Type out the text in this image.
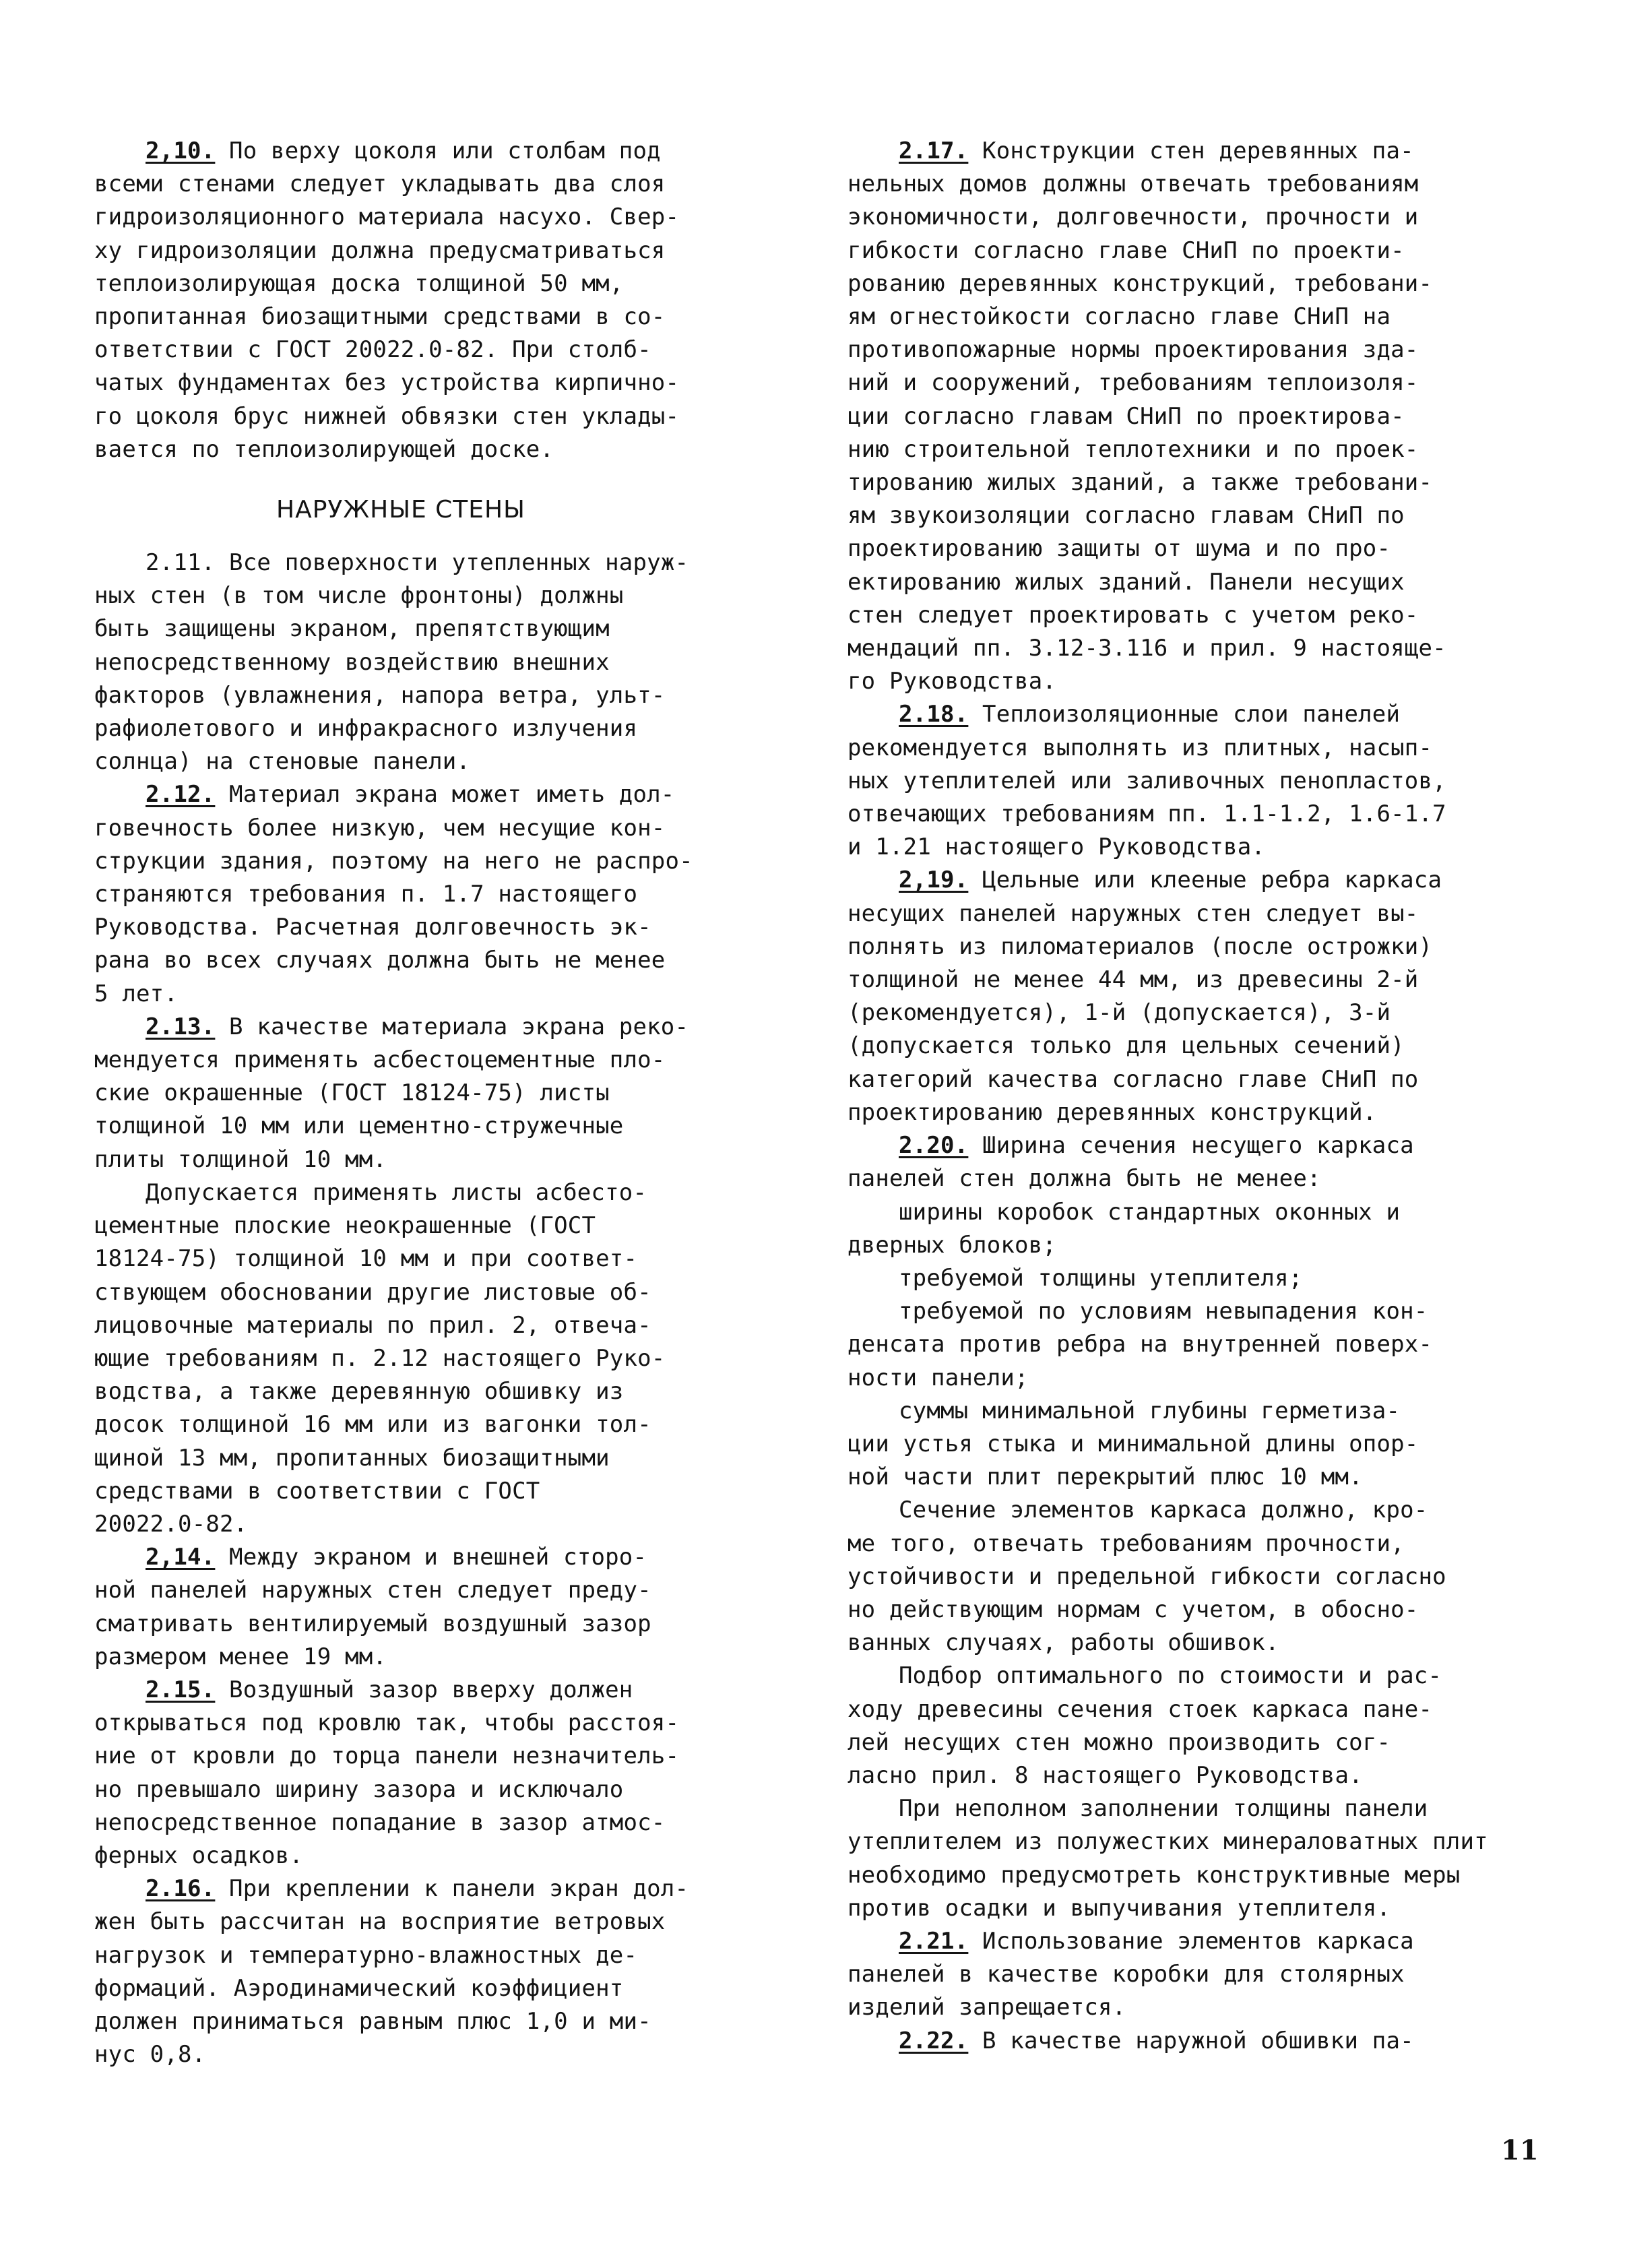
2,10. По верху цоколя или столбам под
всеми стенами следует укладывать два слоя
гидроизоляционного материала насухо. Свер-
ху гидроизоляции должна предусматриваться
теплоизолирующая доска толщиной 50 мм,
пропитанная биозащитными средствами в со-
ответствии с ГОСТ 20022.0-82. При столб-
чатых фундаментах без устройства кирпично-
го цоколя брус нижней обвязки стен уклады-
вается по теплоизолирующей доске.
НАРУЖНЫЕ СТЕНЫ
2.11. Все поверхности утепленных наруж-
ных стен (в том числе фронтоны) должны
быть защищены экраном, препятствующим
непосредственному воздействию внешних
факторов (увлажнения, напора ветра, ульт-
рафиолетового и инфракрасного излучения
солнца) на стеновые панели.
2.12. Материал экрана может иметь дол-
говечность более низкую, чем несущие кон-
струкции здания, поэтому на него не распро-
страняются требования п. 1.7 настоящего
Руководства. Расчетная долговечность эк-
рана во всех случаях должна быть не менее
5 лет.
2.13. В качестве материала экрана реко-
мендуется применять асбестоцементные пло-
ские окрашенные (ГОСТ 18124-75) листы
толщиной 10 мм или цементно-стружечные
плиты толщиной 10 мм.
Допускается применять листы асбесто-
цементные плоские неокрашенные (ГОСТ
18124-75) толщиной 10 мм и при соответ-
ствующем обосновании другие листовые об-
лицовочные материалы по прил. 2, отвеча-
ющие требованиям п. 2.12 настоящего Руко-
водства, а также деревянную обшивку из
досок толщиной 16 мм или из вагонки тол-
щиной 13 мм, пропитанных биозащитными
средствами в соответствии с ГОСТ
20022.0-82.
2,14. Между экраном и внешней сторо-
ной панелей наружных стен следует преду-
сматривать вентилируемый воздушный зазор
размером менее 19 мм.
2.15. Воздушный зазор вверху должен
открываться под кровлю так, чтобы расстоя-
ние от кровли до торца панели незначитель-
но превышало ширину зазора и исключало
непосредственное попадание в зазор атмос-
ферных осадков.
2.16. При креплении к панели экран дол-
жен быть рассчитан на восприятие ветровых
нагрузок и температурно-влажностных де-
формаций. Аэродинамический коэффициент
должен приниматься равным плюс 1,0 и ми-
нус 0,8.
2.17. Конструкции стен деревянных па-
нельных домов должны отвечать требованиям
экономичности, долговечности, прочности и
гибкости согласно главе СНиП по проекти-
рованию деревянных конструкций, требовани-
ям огнестойкости согласно главе СНиП на
противопожарные нормы проектирования зда-
ний и сооружений, требованиям теплоизоля-
ции согласно главам СНиП по проектирова-
нию строительной теплотехники и по проек-
тированию жилых зданий, а также требовани-
ям звукоизоляции согласно главам СНиП по
проектированию защиты от шума и по про-
ектированию жилых зданий. Панели несущих
стен следует проектировать с учетом реко-
мендаций пп. 3.12-3.116 и прил. 9 настояще-
го Руководства.
2.18. Теплоизоляционные слои панелей
рекомендуется выполнять из плитных, насып-
ных утеплителей или заливочных пенопластов,
отвечающих требованиям пп. 1.1-1.2, 1.6-1.7
и 1.21 настоящего Руководства.
2,19. Цельные или клееные ребра каркаса
несущих панелей наружных стен следует вы-
полнять из пиломатериалов (после острожки)
толщиной не менее 44 мм, из древесины 2-й
(рекомендуется), 1-й (допускается), 3-й
(допускается только для цельных сечений)
категорий качества согласно главе СНиП по
проектированию деревянных конструкций.
2.20. Ширина сечения несущего каркаса
панелей стен должна быть не менее:
ширины коробок стандартных оконных и
дверных блоков;
требуемой толщины утеплителя;
требуемой по условиям невыпадения кон-
денсата против ребра на внутренней поверх-
ности панели;
суммы минимальной глубины герметиза-
ции устья стыка и минимальной длины опор-
ной части плит перекрытий плюс 10 мм.
Сечение элементов каркаса должно, кро-
ме того, отвечать требованиям прочности,
устойчивости и предельной гибкости согласно
но действующим нормам с учетом, в обосно-
ванных случаях, работы обшивок.
Подбор оптимального по стоимости и рас-
ходу древесины сечения стоек каркаса пане-
лей несущих стен можно производить сог-
ласно прил. 8 настоящего Руководства.
При неполном заполнении толщины панели
утеплителем из полужестких минераловатных плит
необходимо предусмотреть конструктивные меры
против осадки и выпучивания утеплителя.
2.21. Использование элементов каркаса
панелей в качестве коробки для столярных
изделий запрещается.
2.22. В качестве наружной обшивки па-
11
